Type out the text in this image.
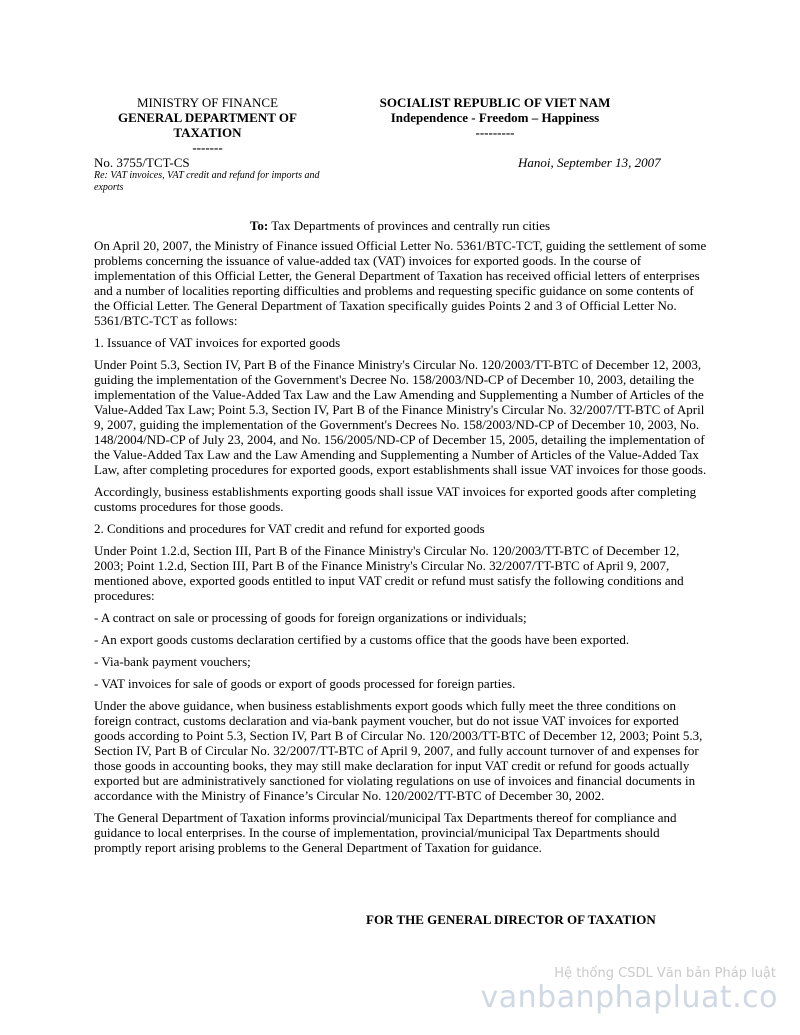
MINISTRY OF FINANCE
GENERAL DEPARTMENT OF TAXATION
-------
SOCIALIST REPUBLIC OF VIET NAM
Independence - Freedom – Happiness
---------
No. 3755/TCT-CS	Hanoi, September 13, 2007
Re: VAT invoices, VAT credit and refund for imports and exports
To: Tax Departments of provinces and centrally run cities

On April 20, 2007, the Ministry of Finance issued Official Letter No. 5361/BTC-TCT, guiding the settlement of some problems concerning the issuance of value-added tax (VAT) invoices for exported goods. In the course of implementation of this Official Letter, the General Department of Taxation has received official letters of enterprises and a number of localities reporting difficulties and problems and requesting specific guidance on some contents of the Official Letter. The General Department of Taxation specifically guides Points 2 and 3 of Official Letter No. 5361/BTC-TCT as follows:

1. Issuance of VAT invoices for exported goods

Under Point 5.3, Section IV, Part B of the Finance Ministry's Circular No. 120/2003/TT-BTC of December 12, 2003, guiding the implementation of the Government's Decree No. 158/2003/ND-CP of December 10, 2003, detailing the implementation of the Value-Added Tax Law and the Law Amending and Supplementing a Number of Articles of the Value-Added Tax Law; Point 5.3, Section IV, Part B of the Finance Ministry's Circular No. 32/2007/TT-BTC of April 9, 2007, guiding the implementation of the Government's Decrees No. 158/2003/ND-CP of December 10, 2003, No. 148/2004/ND-CP of July 23, 2004, and No. 156/2005/ND-CP of December 15, 2005, detailing the implementation of the Value-Added Tax Law and the Law Amending and Supplementing a Number of Articles of the Value-Added Tax Law, after completing procedures for exported goods, export establishments shall issue VAT invoices for those goods.

Accordingly, business establishments exporting goods shall issue VAT invoices for exported goods after completing customs procedures for those goods.

2. Conditions and procedures for VAT credit and refund for exported goods

Under Point 1.2.d, Section III, Part B of the Finance Ministry's Circular No. 120/2003/TT-BTC of December 12, 2003; Point 1.2.d, Section III, Part B of the Finance Ministry's Circular No. 32/2007/TT-BTC of April 9, 2007, mentioned above, exported goods entitled to input VAT credit or refund must satisfy the following conditions and procedures:

- A contract on sale or processing of goods for foreign organizations or individuals;

- An export goods customs declaration certified by a customs office that the goods have been exported.

- Via-bank payment vouchers;

- VAT invoices for sale of goods or export of goods processed for foreign parties.

Under the above guidance, when business establishments export goods which fully meet the three conditions on foreign contract, customs declaration and via-bank payment voucher, but do not issue VAT invoices for exported goods according to Point 5.3, Section IV, Part B of Circular No. 120/2003/TT-BTC of December 12, 2003; Point 5.3, Section IV, Part B of Circular No. 32/2007/TT-BTC of April 9, 2007, and fully account turnover of and expenses for those goods in accounting books, they may still make declaration for input VAT credit or refund for goods actually exported but are administratively sanctioned for violating regulations on use of invoices and financial documents in accordance with the Ministry of Finance’s Circular No. 120/2002/TT-BTC of December 30, 2002.

The General Department of Taxation informs provincial/municipal Tax Departments thereof for compliance and guidance to local enterprises. In the course of implementation, provincial/municipal Tax Departments should promptly report arising problems to the General Department of Taxation for guidance.

FOR THE GENERAL DIRECTOR OF TAXATION
Hệ thống CSDL Văn bản Pháp luật
vanbanphapluat.co
